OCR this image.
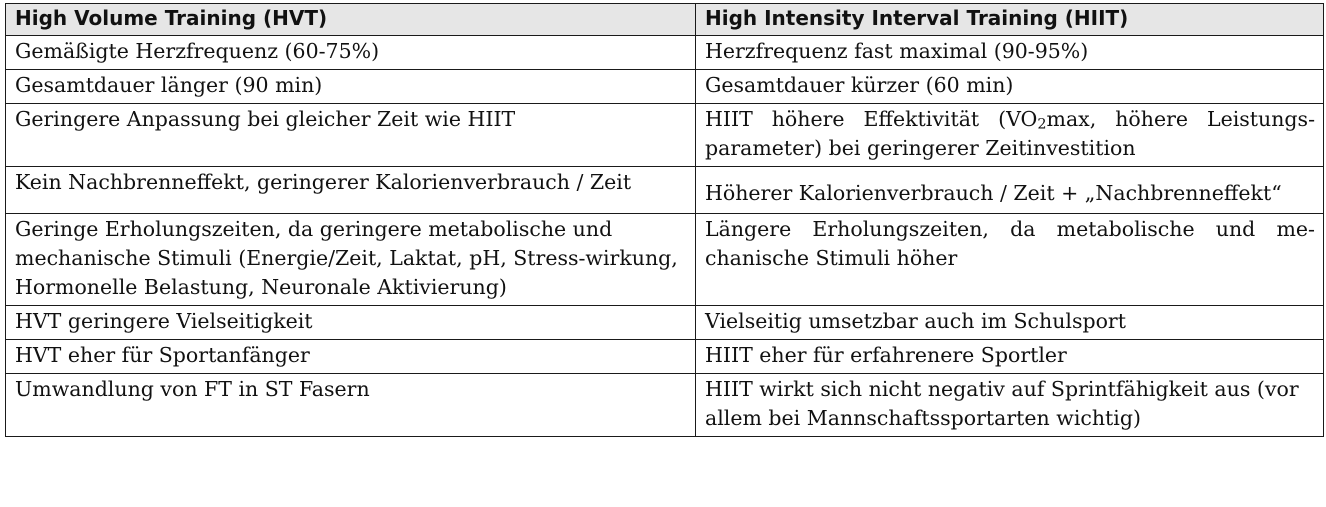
High Volume Training (HVT)	High Intensity Interval Training (HIIT)
Gemäßigte Herzfrequenz (60-75%)	Herzfrequenz fast maximal (90-95%)
Gesamtdauer länger (90 min)	Gesamtdauer kürzer (60 min)
Geringere Anpassung bei gleicher Zeit wie HIIT	HIIT höhere Effektivität ($VO_2\max$, höhere Leistungs-parameter) bei geringerer Zeitinvestition
Kein Nachbrenneffekt, geringerer Kalorienverbrauch / Zeit	Höherer Kalorienverbrauch / Zeit + „Nachbrenneffekt“
Geringe Erholungszeiten, da geringere metabolische und mechanische Stimuli (Energie/Zeit, Laktat, pH, Stress-wirkung, Hormonelle Belastung, Neuronale Aktivierung)	Längere Erholungszeiten, da metabolische und me-chanische Stimuli höher
HVT geringere Vielseitigkeit	Vielseitig umsetzbar auch im Schulsport
HVT eher für Sportanfänger	HIIT eher für erfahrenere Sportler
Umwandlung von FT in ST Fasern	HIIT wirkt sich nicht negativ auf Sprintfähigkeit aus (vor allem bei Mannschaftssportarten wichtig)
